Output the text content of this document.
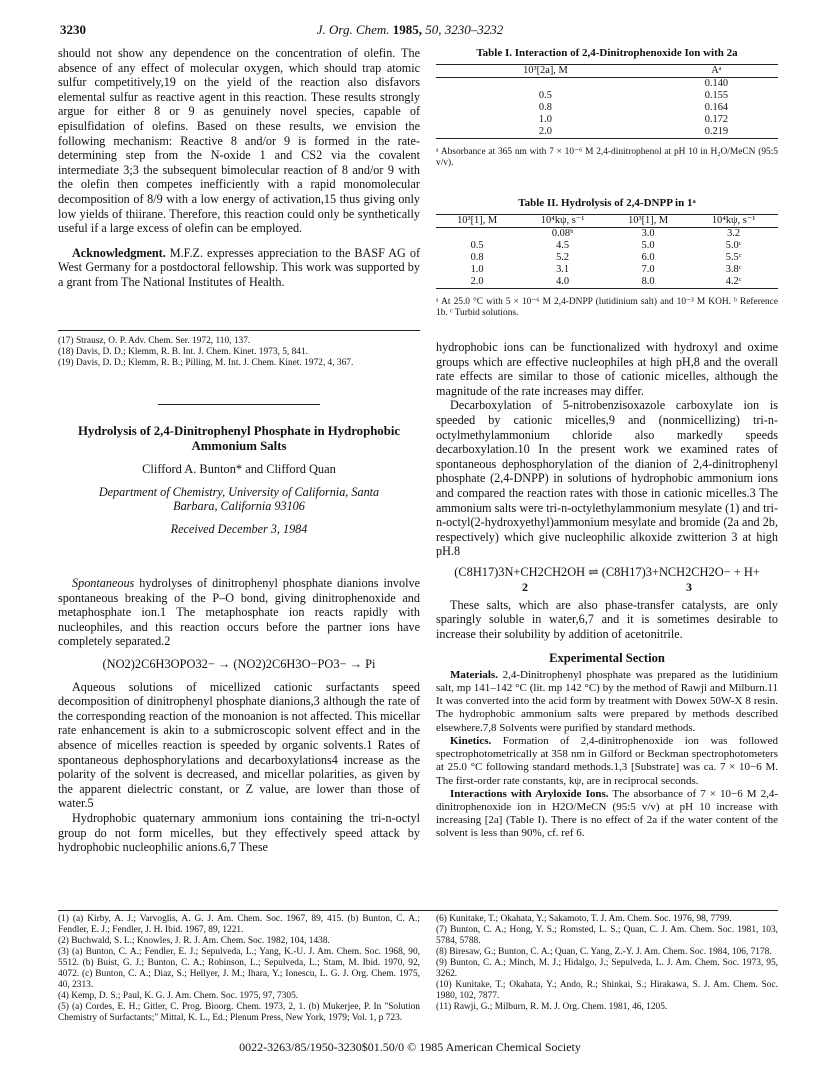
3230	J. Org. Chem. 1985, 50, 3230–3232

should not show any dependence on the concentration of olefin. The absence of any effect of molecular oxygen, which should trap atomic sulfur competitively,19 on the yield of the reaction also disfavors elemental sulfur as reactive agent in this reaction. These results strongly argue for either 8 or 9 as genuinely novel species, capable of episulfidation of olefins. Based on these results, we envision the following mechanism: Reactive 8 and/or 9 is formed in the rate-determining step from the N-oxide 1 and CS2 via the covalent intermediate 3;3 the subsequent bimolecular reaction of 8 and/or 9 with the olefin then competes inefficiently with a rapid monomolecular decomposition of 8/9 with a low energy of activation,15 thus giving only low yields of thiirane. Therefore, this reaction could only be synthetically useful if a large excess of olefin can be employed.

Acknowledgment. M.F.Z. expresses appreciation to the BASF AG of West Germany for a postdoctoral fellowship. This work was supported by a grant from The National Institutes of Health.

(17) Strausz, O. P. Adv. Chem. Ser. 1972, 110, 137.

(18) Davis, D. D.; Klemm, R. B. Int. J. Chem. Kinet. 1973, 5, 841.

(19) Davis, D. D.; Klemm, R. B.; Pilling, M. Int. J. Chem. Kinet. 1972, 4, 367.

Hydrolysis of 2,4-Dinitrophenyl Phosphate in Hydrophobic Ammonium Salts
Clifford A. Bunton* and Clifford Quan
Department of Chemistry, University of California, Santa Barbara, California 93106
Received December 3, 1984

Spontaneous hydrolyses of dinitrophenyl phosphate dianions involve spontaneous breaking of the P–O bond, giving dinitrophenoxide and metaphosphate ion.1 The metaphosphate ion reacts rapidly with nucleophiles, and this reaction occurs before the partner ions have completely separated.2

(NO2)2C6H3OPO32− → (NO2)2C6H3O−PO3− → Pi

Aqueous solutions of micellized cationic surfactants speed decomposition of dinitrophenyl phosphate dianions,3 although the rate of the corresponding reaction of the monoanion is not affected. This micellar rate enhancement is akin to a submicroscopic solvent effect and in the absence of micelles reaction is speeded by organic solvents.1 Rates of spontaneous dephosphorylations and decarboxylations4 increase as the polarity of the solvent is decreased, and micellar polarities, as given by the apparent dielectric constant, or Z value, are lower than those of water.5

Hydrophobic quaternary ammonium ions containing the tri-n-octyl group do not form micelles, but they effectively speed attack by hydrophobic nucleophilic anions.6,7 These

(1) (a) Kirby, A. J.; Varvoglis, A. G. J. Am. Chem. Soc. 1967, 89, 415. (b) Bunton, C. A.; Fendler, E. J.; Fendler, J. H. Ibid. 1967, 89, 1221.

(2) Buchwald, S. L.; Knowles, J. R. J. Am. Chem. Soc. 1982, 104, 1438.

(3) (a) Bunton, C. A.; Fendler, E. J.; Sepulveda, L.; Yang, K.-U. J. Am. Chem. Soc. 1968, 90, 5512. (b) Buist, G. J.; Bunton, C. A.; Robinson, L.; Sepulveda, L.; Stam, M. Ibid. 1970, 92, 4072. (c) Bunton, C. A.; Diaz, S.; Hellyer, J. M.; Ihara, Y.; Ionescu, L. G. J. Org. Chem. 1975, 40, 2313.

(4) Kemp, D. S.; Paul, K. G. J. Am. Chem. Soc. 1975, 97, 7305.

(5) (a) Cordes, E. H.; Gitler, C. Prog. Bioorg. Chem. 1973, 2, 1. (b) Mukerjee, P. In "Solution Chemistry of Surfactants;" Mittal, K. L., Ed.; Plenum Press, New York, 1979; Vol. 1, p 723.

Table I. Interaction of 2,4-Dinitrophenoxide Ion with 2a
10³[2a], M	Aᵃ
	0.140
0.5	0.155
0.8	0.164
1.0	0.172
2.0	0.219
ᵃ Absorbance at 365 nm with 7 × 10⁻⁶ M 2,4-dinitrophenol at pH 10 in H₂O/MeCN (95:5 v/v).
Table II. Hydrolysis of 2,4-DNPP in 1ᵃ
10³[1], M	10⁴kψ, s⁻¹	10³[1], M	10⁴kψ, s⁻¹
	0.08ᵇ	3.0	3.2
0.5	4.5	5.0	5.0ᶜ
0.8	5.2	6.0	5.5ᶜ
1.0	3.1	7.0	3.8ᶜ
2.0	4.0	8.0	4.2ᶜ
ᵃ At 25.0 °C with 5 × 10⁻⁶ M 2,4-DNPP (lutidinium salt) and 10⁻³ M KOH. ᵇ Reference 1b. ᶜ Turbid solutions.

hydrophobic ions can be functionalized with hydroxyl and oxime groups which are effective nucleophiles at high pH,8 and the overall rate effects are similar to those of cationic micelles, although the magnitude of the rate increases may differ.

Decarboxylation of 5-nitrobenzisoxazole carboxylate ion is speeded by cationic micelles,9 and (nonmicellizing) tri-n-octylmethylammonium chloride also markedly speeds decarboxylation.10 In the present work we examined rates of spontaneous dephosphorylation of the dianion of 2,4-dinitrophenyl phosphate (2,4-DNPP) in solutions of hydrophobic ammonium ions and compared the reaction rates with those in cationic micelles.3 The ammonium salts were tri-n-octylethylammonium mesylate (1) and tri-n-octyl(2-hydroxyethyl)ammonium mesylate and bromide (2a and 2b, respectively) which give nucleophilic alkoxide zwitterion 3 at high pH.8

(C8H17)3N+CH2CH2OH ⇌ (C8H17)3+NCH2CH2O− + H+
2	3

These salts, which are also phase-transfer catalysts, are only sparingly soluble in water,6,7 and it is sometimes desirable to increase their solubility by addition of acetonitrile.

Experimental Section

Materials. 2,4-Dinitrophenyl phosphate was prepared as the lutidinium salt, mp 141–142 °C (lit. mp 142 °C) by the method of Rawji and Milburn.11 It was converted into the acid form by treatment with Dowex 50W-X 8 resin. The hydrophobic ammonium salts were prepared by methods described elsewhere.7,8 Solvents were purified by standard methods.

Kinetics. Formation of 2,4-dinitrophenoxide ion was followed spectrophotometrically at 358 nm in Gilford or Beckman spectrophotometers at 25.0 °C following standard methods.1,3 [Substrate] was ca. 7 × 10−6 M. The first-order rate constants, kψ, are in reciprocal seconds.

Interactions with Aryloxide Ions. The absorbance of 7 × 10−6 M 2,4-dinitrophenoxide ion in H2O/MeCN (95:5 v/v) at pH 10 increase with increasing [2a] (Table I). There is no effect of 2a if the water content of the solvent is less than 90%, cf. ref 6.

(6) Kunitake, T.; Okahata, Y.; Sakamoto, T. J. Am. Chem. Soc. 1976, 98, 7799.

(7) Bunton, C. A.; Hong, Y. S.; Romsted, L. S.; Quan, C. J. Am. Chem. Soc. 1981, 103, 5784, 5788.

(8) Biresaw, G.; Bunton, C. A.; Quan, C. Yang, Z.-Y. J. Am. Chem. Soc. 1984, 106, 7178.

(9) Bunton, C. A.; Minch, M. J.; Hidalgo, J.; Sepulveda, L. J. Am. Chem. Soc. 1973, 95, 3262.

(10) Kunitake, T.; Okahata, Y.; Ando, R.; Shinkai, S.; Hirakawa, S. J. Am. Chem. Soc. 1980, 102, 7877.

(11) Rawji, G.; Milburn, R. M. J. Org. Chem. 1981, 46, 1205.

0022-3263/85/1950-3230$01.50/0 © 1985 American Chemical Society
